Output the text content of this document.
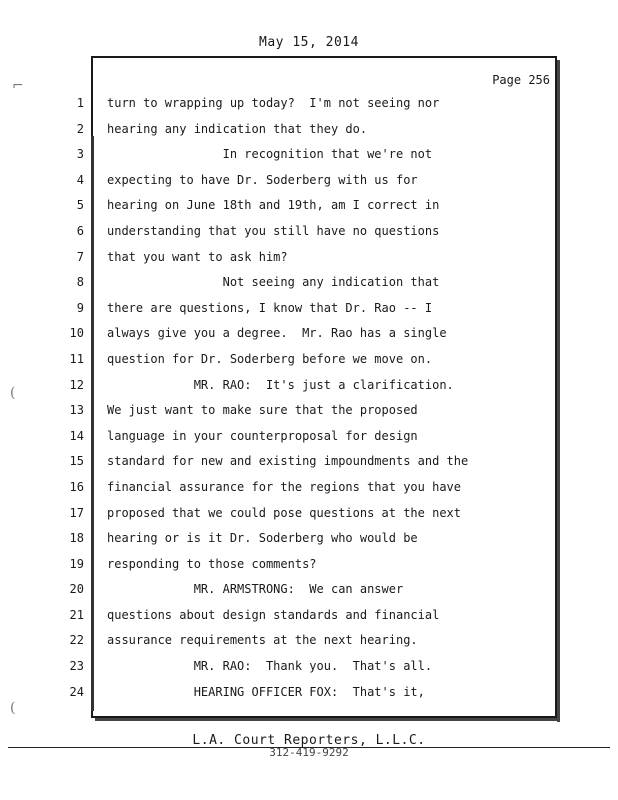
May 15, 2014
Page 256
1
2
3
4
5
6
7
8
9
10
11
12
13
14
15
16
17
18
19
20
21
22
23
24
turn to wrapping up today?  I'm not seeing nor
hearing any indication that they do.
In recognition that we're not
expecting to have Dr. Soderberg with us for
hearing on June 18th and 19th, am I correct in
understanding that you still have no questions
that you want to ask him?
Not seeing any indication that
there are questions, I know that Dr. Rao -- I
always give you a degree.  Mr. Rao has a single
question for Dr. Soderberg before we move on.
MR. RAO:  It's just a clarification.
We just want to make sure that the proposed
language in your counterproposal for design
standard for new and existing impoundments and the
financial assurance for the regions that you have
proposed that we could pose questions at the next
hearing or is it Dr. Soderberg who would be
responding to those comments?
MR. ARMSTRONG:  We can answer
questions about design standards and financial
assurance requirements at the next hearing.
MR. RAO:  Thank you.  That's all.
HEARING OFFICER FOX:  That's it,
L.A. Court Reporters, L.L.C.
312-419-9292
⌐
(
(
